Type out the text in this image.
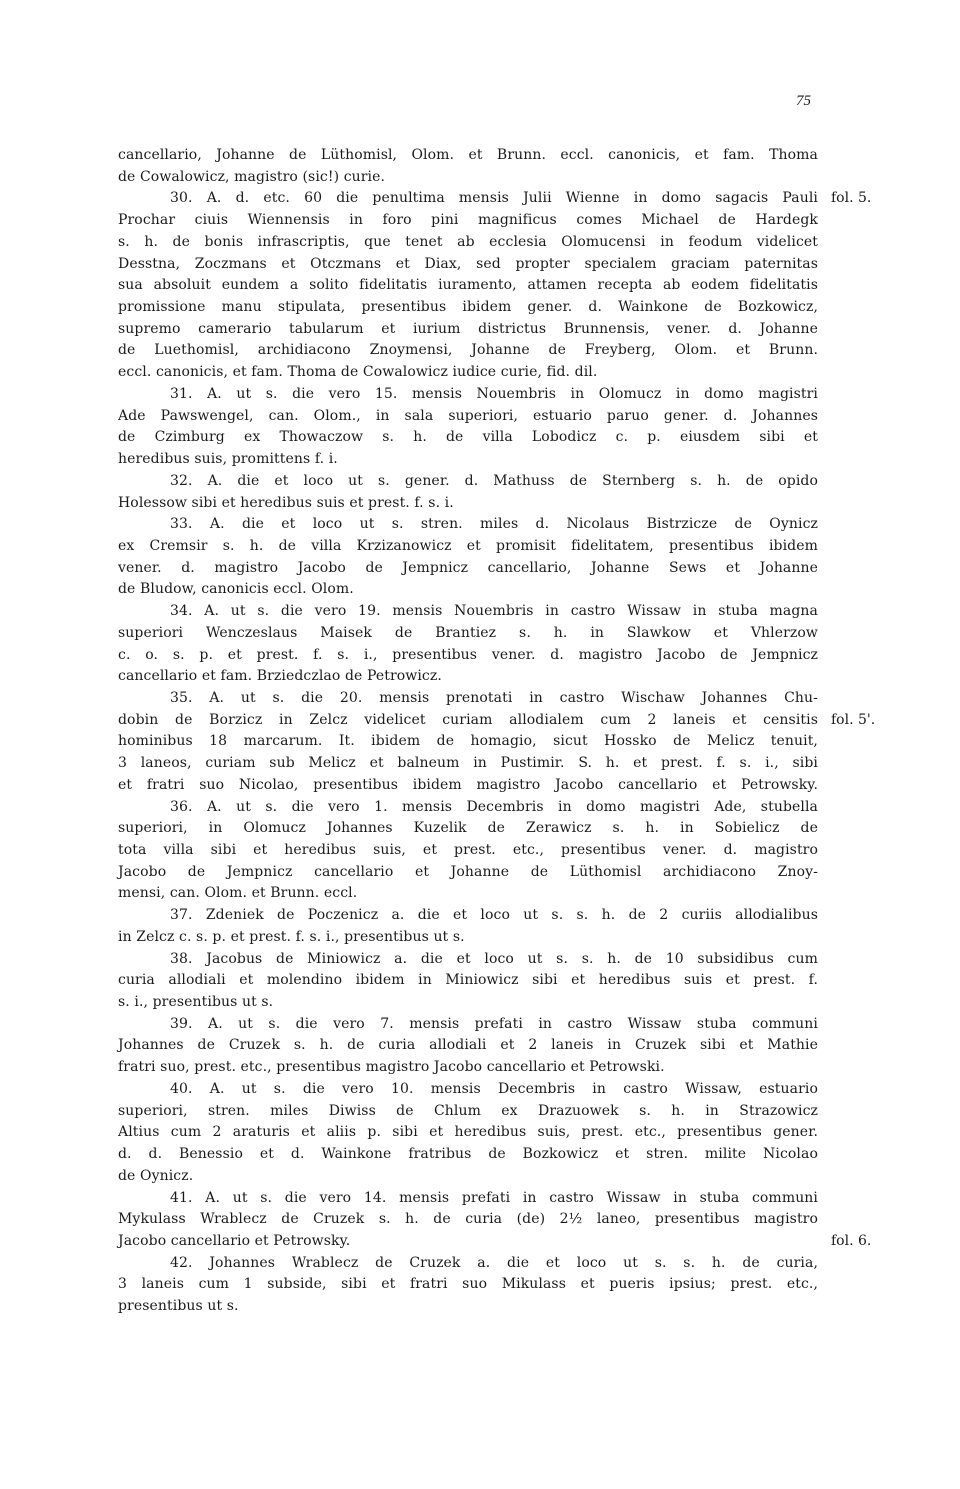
75
cancellario, Johanne de Lüthomisl, Olom. et Brunn. eccl. canonicis, et fam. Thoma
de Cowalowicz, magistro (sic!) curie.
30. A. d. etc. 60 die penultima mensis Julii Wienne in domo sagacis Pauli
Prochar ciuis Wiennensis in foro pini magnificus comes Michael de Hardegk
s. h. de bonis infrascriptis, que tenet ab ecclesia Olomucensi in feodum videlicet
Desstna, Zoczmans et Otczmans et Diax, sed propter specialem graciam paternitas
sua absoluit eundem a solito fidelitatis iuramento, attamen recepta ab eodem fidelitatis
promissione manu stipulata, presentibus ibidem gener. d. Wainkone de Bozkowicz,
supremo camerario tabularum et iurium districtus Brunnensis, vener. d. Johanne
de Luethomisl, archidiacono Znoymensi, Johanne de Freyberg, Olom. et Brunn.
eccl. canonicis, et fam. Thoma de Cowalowicz iudice curie, fid. dil.
31. A. ut s. die vero 15. mensis Nouembris in Olomucz in domo magistri
Ade Pawswengel, can. Olom., in sala superiori, estuario paruo gener. d. Johannes
de Czimburg ex Thowaczow s. h. de villa Lobodicz c. p. eiusdem sibi et
heredibus suis, promittens f. i.
32. A. die et loco ut s. gener. d. Mathuss de Sternberg s. h. de opido
Holessow sibi et heredibus suis et prest. f. s. i.
33. A. die et loco ut s. stren. miles d. Nicolaus Bistrzicze de Oynicz
ex Cremsir s. h. de villa Krzizanowicz et promisit fidelitatem, presentibus ibidem
vener. d. magistro Jacobo de Jempnicz cancellario, Johanne Sews et Johanne
de Bludow, canonicis eccl. Olom.
34. A. ut s. die vero 19. mensis Nouembris in castro Wissaw in stuba magna
superiori Wenczeslaus Maisek de Brantiez s. h. in Slawkow et Vhlerzow
c. o. s. p. et prest. f. s. i., presentibus vener. d. magistro Jacobo de Jempnicz
cancellario et fam. Brziedczlao de Petrowicz.
35. A. ut s. die 20. mensis prenotati in castro Wischaw Johannes Chu-
dobin de Borzicz in Zelcz videlicet curiam allodialem cum 2 laneis et censitis
hominibus 18 marcarum. It. ibidem de homagio, sicut Hossko de Melicz tenuit,
3 laneos, curiam sub Melicz et balneum in Pustimir. S. h. et prest. f. s. i., sibi
et fratri suo Nicolao, presentibus ibidem magistro Jacobo cancellario et Petrowsky.
36. A. ut s. die vero 1. mensis Decembris in domo magistri Ade, stubella
superiori, in Olomucz Johannes Kuzelik de Zerawicz s. h. in Sobielicz de
tota villa sibi et heredibus suis, et prest. etc., presentibus vener. d. magistro
Jacobo de Jempnicz cancellario et Johanne de Lüthomisl archidiacono Znoy-
mensi, can. Olom. et Brunn. eccl.
37. Zdeniek de Poczenicz a. die et loco ut s. s. h. de 2 curiis allodialibus
in Zelcz c. s. p. et prest. f. s. i., presentibus ut s.
38. Jacobus de Miniowicz a. die et loco ut s. s. h. de 10 subsidibus cum
curia allodiali et molendino ibidem in Miniowicz sibi et heredibus suis et prest. f.
s. i., presentibus ut s.
39. A. ut s. die vero 7. mensis prefati in castro Wissaw stuba communi
Johannes de Cruzek s. h. de curia allodiali et 2 laneis in Cruzek sibi et Mathie
fratri suo, prest. etc., presentibus magistro Jacobo cancellario et Petrowski.
40. A. ut s. die vero 10. mensis Decembris in castro Wissaw, estuario
superiori, stren. miles Diwiss de Chlum ex Drazuowek s. h. in Strazowicz
Altius cum 2 araturis et aliis p. sibi et heredibus suis, prest. etc., presentibus gener.
d. d. Benessio et d. Wainkone fratribus de Bozkowicz et stren. milite Nicolao
de Oynicz.
41. A. ut s. die vero 14. mensis prefati in castro Wissaw in stuba communi
Mykulass Wrablecz de Cruzek s. h. de curia (de) 2½ laneo, presentibus magistro
Jacobo cancellario et Petrowsky.
42. Johannes Wrablecz de Cruzek a. die et loco ut s. s. h. de curia,
3 laneis cum 1 subside, sibi et fratri suo Mikulass et pueris ipsius; prest. etc.,
presentibus ut s.
fol. 5.
fol. 5'.
fol. 6.
